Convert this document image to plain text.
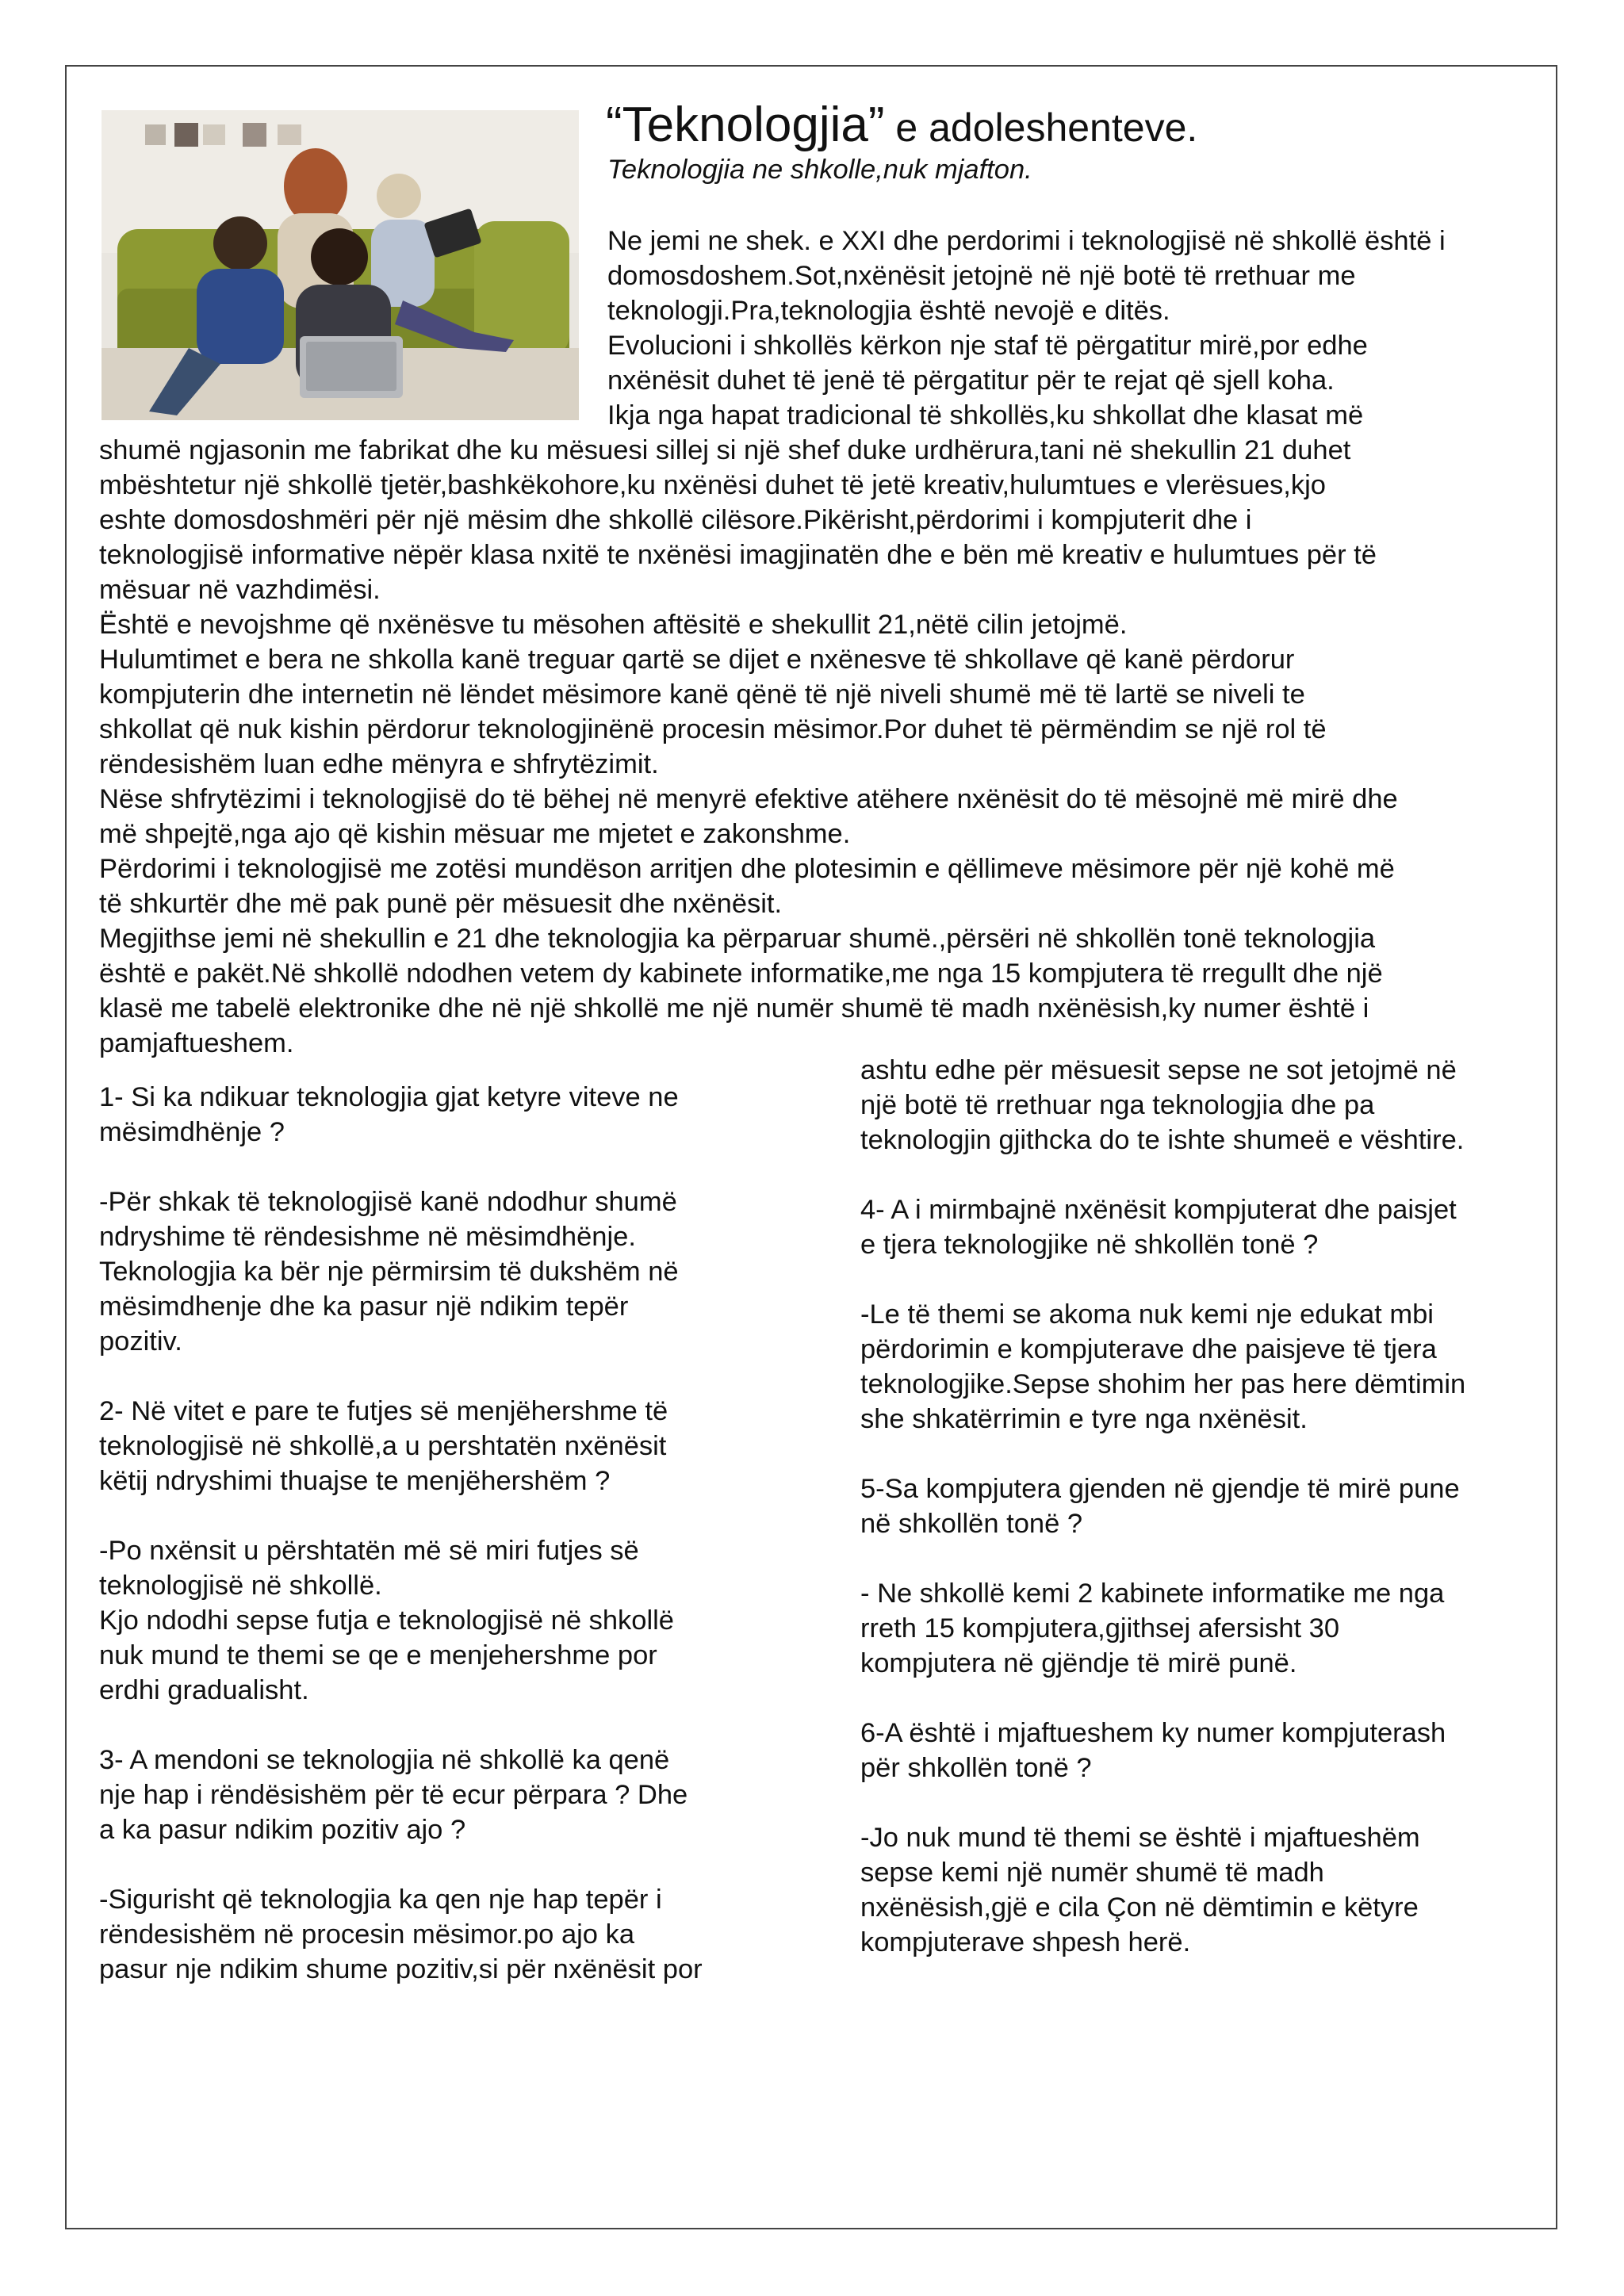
“Teknologjia” e adoleshenteve.

Teknologjia ne shkolle,nuk mjafton.

Ne jemi ne shek. e XXI dhe perdorimi i teknologjisë në shkollë është i

domosdoshem.Sot,nxënësit jetojnë në një botë të rrethuar me

teknologji.Pra,teknologjia është nevojë e ditës.

Evolucioni i shkollës kërkon nje staf të përgatitur mirë,por edhe

nxënësit duhet të jenë të përgatitur për te rejat që sjell koha.

Ikja nga hapat tradicional të shkollës,ku shkollat dhe klasat më

shumë ngjasonin me fabrikat dhe ku mësuesi sillej si një shef duke urdhërura,tani në shekullin 21 duhet

mbështetur një shkollë tjetër,bashkëkohore,ku nxënësi duhet të jetë kreativ,hulumtues e vlerësues,kjo

eshte domosdoshmëri për një mësim dhe shkollë cilësore.Pikërisht,përdorimi i kompjuterit dhe i

teknologjisë informative nëpër klasa nxitë te nxënësi imagjinatën dhe e bën më kreativ e hulumtues për të

mësuar në vazhdimësi.

Është e nevojshme që nxënësve tu mësohen aftësitë e shekullit 21,nëtë cilin jetojmë.

Hulumtimet e bera ne shkolla kanë treguar qartë se dijet e nxënesve të shkollave që kanë përdorur

kompjuterin dhe internetin në lëndet mësimore kanë qënë të një niveli shumë më të lartë se niveli te

shkollat që nuk kishin përdorur teknologjinënë procesin mësimor.Por duhet të përmëndim se një rol të

rëndesishëm luan edhe mënyra e shfrytëzimit.

Nëse shfrytëzimi i teknologjisë do të bëhej në menyrë efektive atëhere nxënësit do të mësojnë më mirë dhe

më shpejtë,nga ajo që kishin mësuar me mjetet e zakonshme.

Përdorimi i teknologjisë me zotësi mundëson arritjen dhe plotesimin e qëllimeve mësimore për një kohë më

të shkurtër dhe më pak punë për mësuesit dhe nxënësit.

Megjithse jemi në shekullin e 21 dhe teknologjia ka përparuar shumë.,përsëri në shkollën tonë teknologjia

është e pakët.Në shkollë ndodhen vetem dy kabinete informatike,me nga 15 kompjutera të rregullt dhe një

klasë me tabelë elektronike dhe në një shkollë me një numër shumë të madh nxënësish,ky numer është i

pamjaftueshem.

1- Si ka ndikuar teknologjia gjat ketyre viteve ne
mësimdhënje ?

-Për shkak të teknologjisë kanë ndodhur shumë
ndryshime të rëndesishme në mësimdhënje.
Teknologjia ka bër nje përmirsim të dukshëm në
mësimdhenje dhe ka pasur një ndikim tepër
pozitiv.

2- Në vitet e pare te futjes së menjëhershme të
teknologjisë në shkollë,a u pershtatën nxënësit
këtij ndryshimi thuajse te menjëhershëm ?

-Po nxënsit u përshtatën më së miri futjes së
teknologjisë në shkollë.
Kjo ndodhi sepse futja e teknologjisë në shkollë
nuk mund te themi se qe e menjehershme por
erdhi gradualisht.

3- A mendoni se teknologjia në shkollë ka qenë
nje hap i rëndësishëm për të ecur përpara ? Dhe
a ka pasur ndikim pozitiv ajo ?

-Sigurisht që teknologjia ka qen nje hap tepër i
rëndesishëm në procesin mësimor.po ajo ka
pasur nje ndikim shume pozitiv,si për nxënësit por

ashtu edhe për mësuesit sepse ne sot jetojmë në
një botë të rrethuar nga teknologjia dhe pa
teknologjin gjithcka do te ishte shumeë e vështire.

4- A i mirmbajnë nxënësit kompjuterat dhe paisjet
e tjera teknologjike në shkollën tonë ?

-Le të themi se akoma nuk kemi nje edukat mbi
përdorimin e kompjuterave dhe paisjeve të tjera
teknologjike.Sepse shohim her pas here dëmtimin
she shkatërrimin e tyre nga nxënësit.

5-Sa kompjutera gjenden në gjendje të mirë pune
në shkollën tonë ?

- Ne shkollë kemi 2 kabinete informatike me nga
rreth 15 kompjutera,gjithsej afersisht 30
kompjutera në gjëndje të mirë punë.

6-A është i mjaftueshem ky numer kompjuterash
për shkollën tonë ?

-Jo nuk mund të themi se është i mjaftueshëm
sepse kemi një numër shumë të madh
nxënësish,gjë e cila Çon në dëmtimin e këtyre
kompjuterave shpesh herë.
